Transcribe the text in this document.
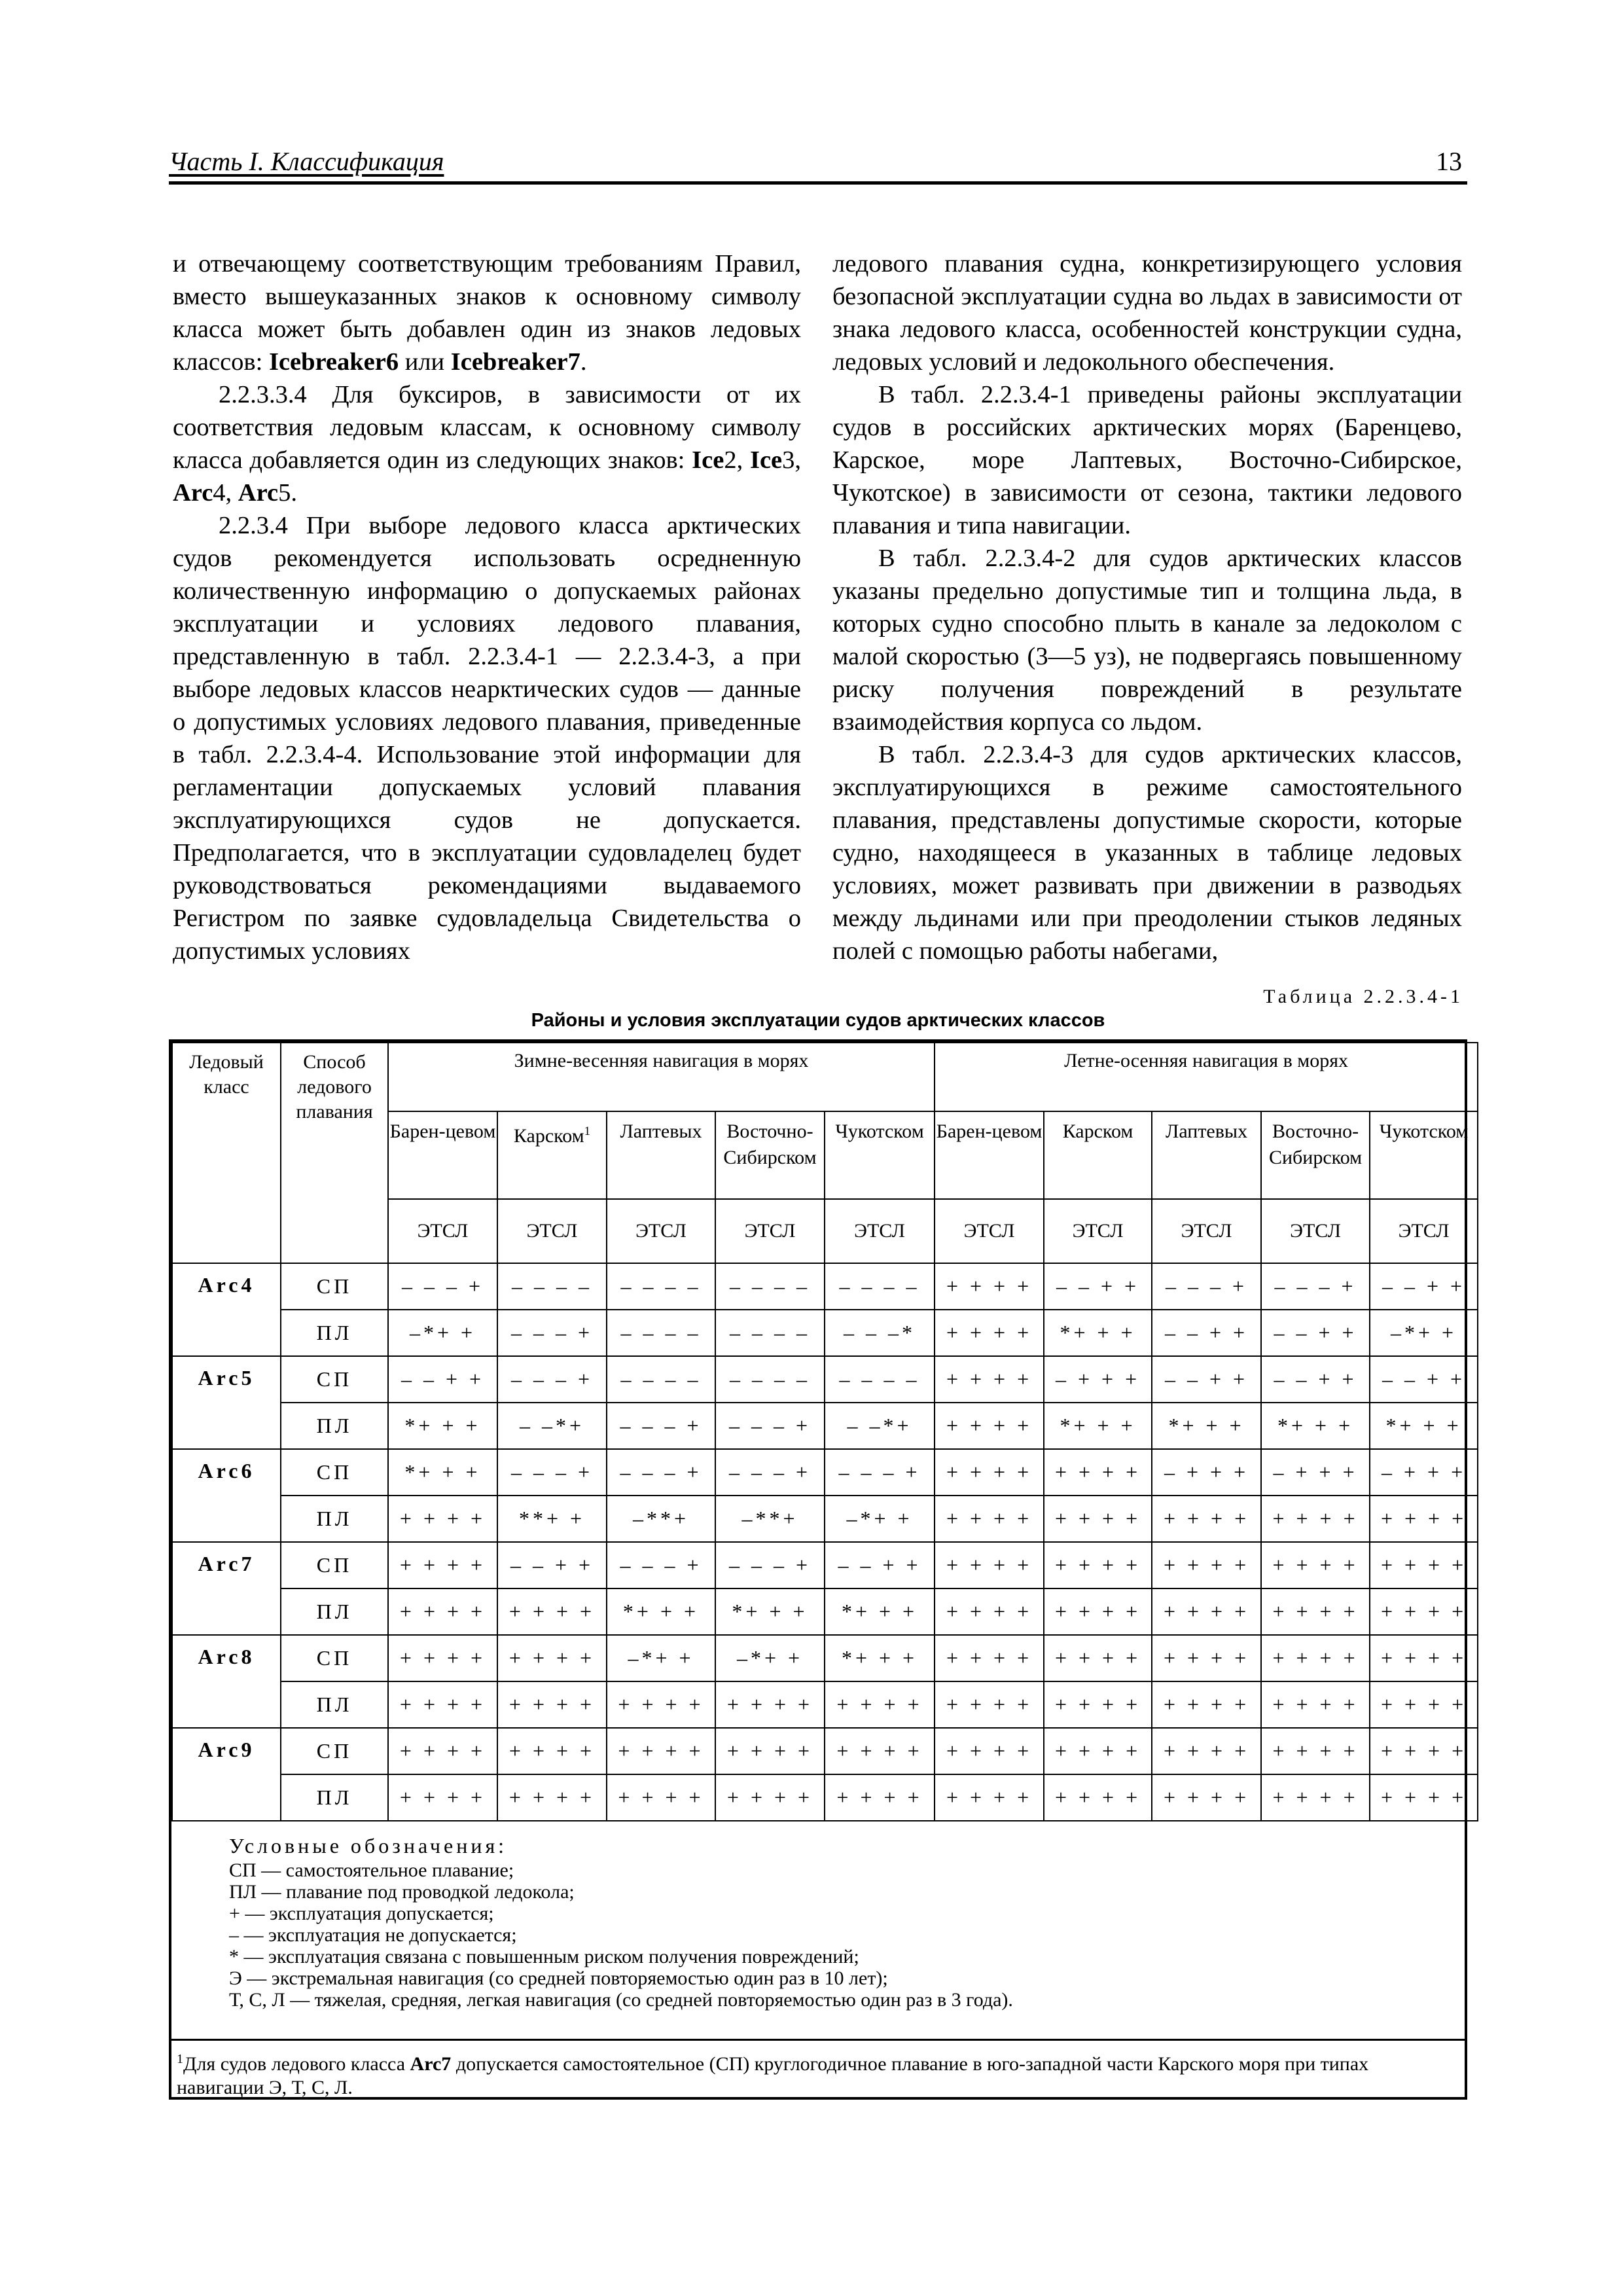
Часть I. Классификация	13

и отвечающему соответствующим требованиям Правил, вместо вышеуказанных знаков к основному символу класса может быть добавлен один из знаков ледовых классов: Icebreaker6 или Icebreaker7.

2.2.3.3.4 Для буксиров, в зависимости от их соответствия ледовым классам, к основному символу класса добавляется один из следующих знаков: Ice2, Ice3, Arc4, Arc5.

2.2.3.4 При выборе ледового класса арктических судов рекомендуется использовать осредненную количественную информацию о допускаемых районах эксплуатации и условиях ледового плавания, представленную в табл. 2.2.3.4-1 — 2.2.3.4-3, а при выборе ледовых классов неарктических судов — данные о допустимых условиях ледового плавания, приведенные в табл. 2.2.3.4-4. Использование этой информации для регламентации допускаемых условий плавания эксплуатирующихся судов не допускается. Предполагается, что в эксплуатации судовладелец будет руководствоваться рекомендациями выдаваемого Регистром по заявке судовладельца Свидетельства о допустимых условиях

ледового плавания судна, конкретизирующего условия безопасной эксплуатации судна во льдах в зависимости от знака ледового класса, особенностей конструкции судна, ледовых условий и ледокольного обеспечения.

В табл. 2.2.3.4-1 приведены районы эксплуатации судов в российских арктических морях (Баренцево, Карское, море Лаптевых, Восточно-Сибирское, Чукотское) в зависимости от сезона, тактики ледового плавания и типа навигации.

В табл. 2.2.3.4-2 для судов арктических классов указаны предельно допустимые тип и толщина льда, в которых судно способно плыть в канале за ледоколом с малой скоростью (3—5 уз), не подвергаясь повышенному риску получения повреждений в результате взаимодействия корпуса со льдом.

В табл. 2.2.3.4-3 для судов арктических классов, эксплуатирующихся в режиме самостоятельного плавания, представлены допустимые скорости, которые судно, находящееся в указанных в таблице ледовых условиях, может развивать при движении в разводьях между льдинами или при преодолении стыков ледяных полей с помощью работы набегами,

Таблица 2.2.3.4-1
Районы и условия эксплуатации судов арктических классов
Ледовый класс	Способ ледового плавания	Зимне-весенняя навигация в морях					Летне-осенняя навигация в морях				
		Барен-цевом	Карском$^1$	Лаптевых	Восточно-Сибирском	Чукотском	Барен-цевом	Карском	Лаптевых	Восточно-Сибирском	Чукотском
		ЭТСЛ	ЭТСЛ	ЭТСЛ	ЭТСЛ	ЭТСЛ	ЭТСЛ	ЭТСЛ	ЭТСЛ	ЭТСЛ	ЭТСЛ
Arc4	СП	– – – +	– – – –	– – – –	– – – –	– – – –	+ + + +	– – + +	– – – +	– – – +	– – + +
	ПЛ	–*+ +	– – – +	– – – –	– – – –	– – –*	+ + + +	*+ + +	– – + +	– – + +	–*+ +
Arc5	СП	– – + +	– – – +	– – – –	– – – –	– – – –	+ + + +	– + + +	– – + +	– – + +	– – + +
	ПЛ	*+ + +	– –*+	– – – +	– – – +	– –*+	+ + + +	*+ + +	*+ + +	*+ + +	*+ + +
Arc6	СП	*+ + +	– – – +	– – – +	– – – +	– – – +	+ + + +	+ + + +	– + + +	– + + +	– + + +
	ПЛ	+ + + +	**+ +	–**+	–**+	–*+ +	+ + + +	+ + + +	+ + + +	+ + + +	+ + + +
Arc7	СП	+ + + +	– – + +	– – – +	– – – +	– – + +	+ + + +	+ + + +	+ + + +	+ + + +	+ + + +
	ПЛ	+ + + +	+ + + +	*+ + +	*+ + +	*+ + +	+ + + +	+ + + +	+ + + +	+ + + +	+ + + +
Arc8	СП	+ + + +	+ + + +	–*+ +	–*+ +	*+ + +	+ + + +	+ + + +	+ + + +	+ + + +	+ + + +
	ПЛ	+ + + +	+ + + +	+ + + +	+ + + +	+ + + +	+ + + +	+ + + +	+ + + +	+ + + +	+ + + +
Arc9	СП	+ + + +	+ + + +	+ + + +	+ + + +	+ + + +	+ + + +	+ + + +	+ + + +	+ + + +	+ + + +
	ПЛ	+ + + +	+ + + +	+ + + +	+ + + +	+ + + +	+ + + +	+ + + +	+ + + +	+ + + +	+ + + +
Условные обозначения:
СП — самостоятельное плавание;
ПЛ — плавание под проводкой ледокола;
+ — эксплуатация допускается;
– — эксплуатация не допускается;
* — эксплуатация связана с повышенным риском получения повреждений;
Э — экстремальная навигация (со средней повторяемостью один раз в 10 лет);
Т, С, Л — тяжелая, средняя, легкая навигация (со средней повторяемостью один раз в 3 года).
$^1$Для судов ледового класса Arc7 допускается самостоятельное (СП) круглогодичное плавание в юго-западной части Карского моря при типах навигации Э, Т, С, Л.
